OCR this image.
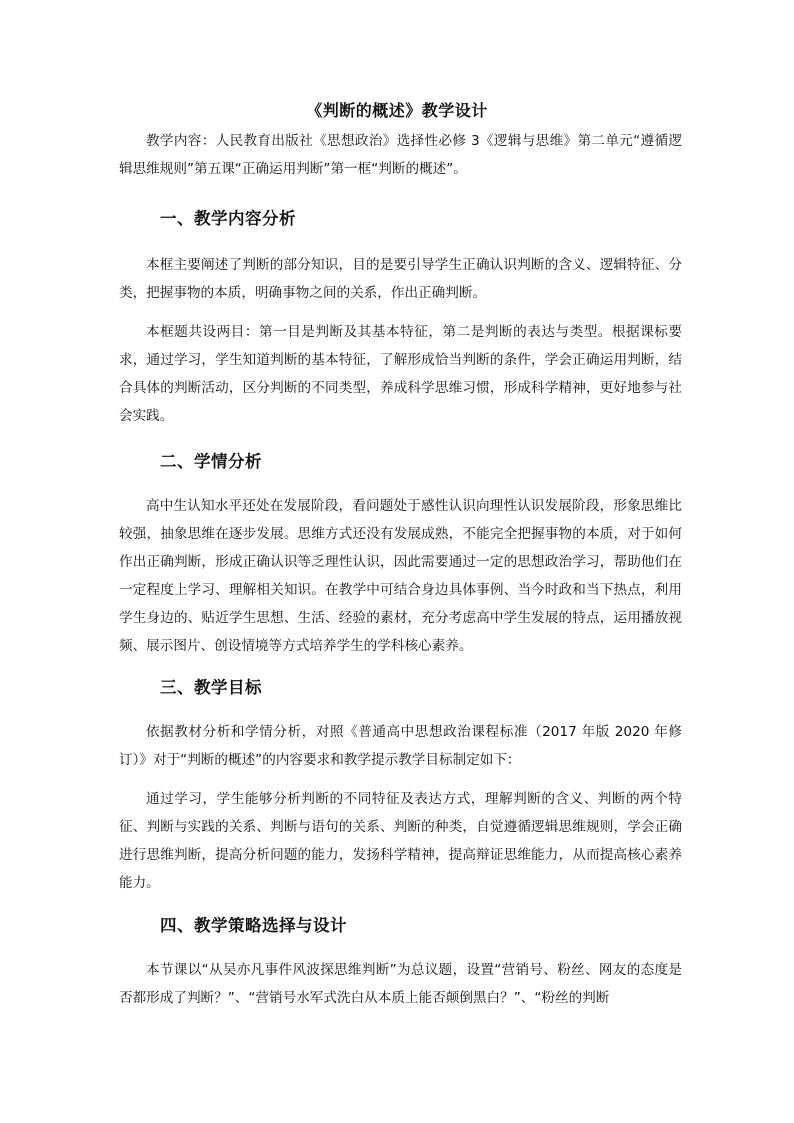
《判断的概述》教学设计

教学内容：人民教育出版社《思想政治》选择性必修 3《逻辑与思维》第二单元“遵循逻辑思维规则”第五课“正确运用判断”第一框“判断的概述”。

一、教学内容分析

本框主要阐述了判断的部分知识，目的是要引导学生正确认识判断的含义、逻辑特征、分类，把握事物的本质，明确事物之间的关系，作出正确判断。

本框题共设两目：第一目是判断及其基本特征，第二是判断的表达与类型。根据课标要求，通过学习，学生知道判断的基本特征，了解形成恰当判断的条件，学会正确运用判断，结合具体的判断活动，区分判断的不同类型，养成科学思维习惯，形成科学精神，更好地参与社会实践。

二、学情分析

高中生认知水平还处在发展阶段，看问题处于感性认识向理性认识发展阶段，形象思维比较强，抽象思维在逐步发展。思维方式还没有发展成熟，不能完全把握事物的本质，对于如何作出正确判断，形成正确认识等乏理性认识，因此需要通过一定的思想政治学习，帮助他们在一定程度上学习、理解相关知识。在教学中可结合身边具体事例、当今时政和当下热点，利用学生身边的、贴近学生思想、生活、经验的素材，充分考虑高中学生发展的特点，运用播放视频、展示图片、创设情境等方式培养学生的学科核心素养。

三、教学目标

依据教材分析和学情分析，对照《普通高中思想政治课程标准（2017 年版 2020 年修订）》对于“判断的概述”的内容要求和教学提示教学目标制定如下：

通过学习，学生能够分析判断的不同特征及表达方式，理解判断的含义、判断的两个特征、判断与实践的关系、判断与语句的关系、判断的种类，自觉遵循逻辑思维规则，学会正确进行思维判断，提高分析问题的能力，发扬科学精神，提高辩证思维能力，从而提高核心素养能力。

四、教学策略选择与设计

本节课以“从吴亦凡事件风波探思维判断”为总议题，设置“营销号、粉丝、网友的态度是否都形成了判断？”、“营销号水军式洗白从本质上能否颠倒黑白？”、“粉丝的判断
